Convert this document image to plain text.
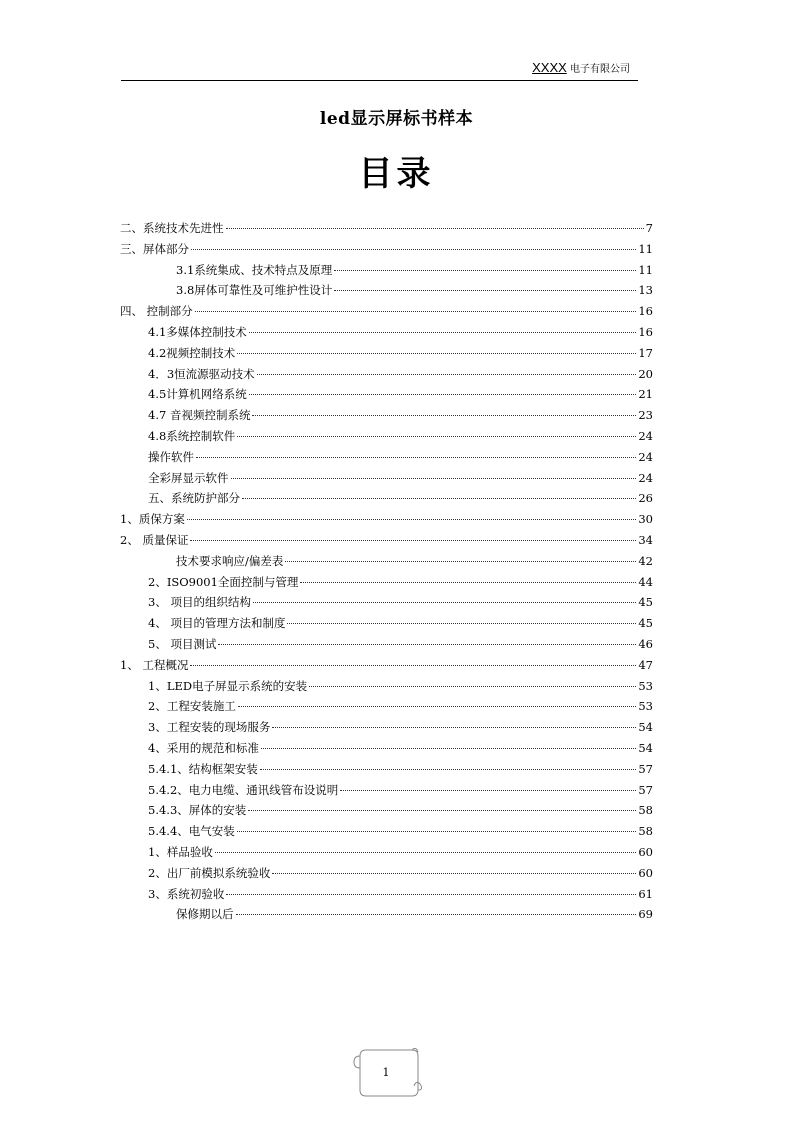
XXXX 电子有限公司
led显示屏标书样本
目录
二、系统技术先进性	7
三、屏体部分	11
3.1系统集成、技术特点及原理	11
3.8屏体可靠性及可维护性设计	13
四、 控制部分	16
4.1多媒体控制技术	16
4.2视频控制技术	17
4．3恒流源驱动技术	20
4.5计算机网络系统	21
4.7 音视频控制系统	23
4.8系统控制软件	24
操作软件	24
全彩屏显示软件	24
五、系统防护部分	26
1、质保方案	30
2、 质量保证	34
技术要求响应/偏差表	42
2、ISO9001全面控制与管理	44
3、 项目的组织结构	45
4、 项目的管理方法和制度	45
5、 项目测试	46
1、 工程概况	47
1、LED电子屏显示系统的安装	53
2、工程安装施工	53
3、工程安装的现场服务	54
4、采用的规范和标准	54
5.4.1、结构框架安装	57
5.4.2、电力电缆、通讯线管布设说明	57
5.4.3、屏体的安装	58
5.4.4、电气安装	58
1、样品验收	60
2、出厂前模拟系统验收	60
3、系统初验收	61
保修期以后	69
1
